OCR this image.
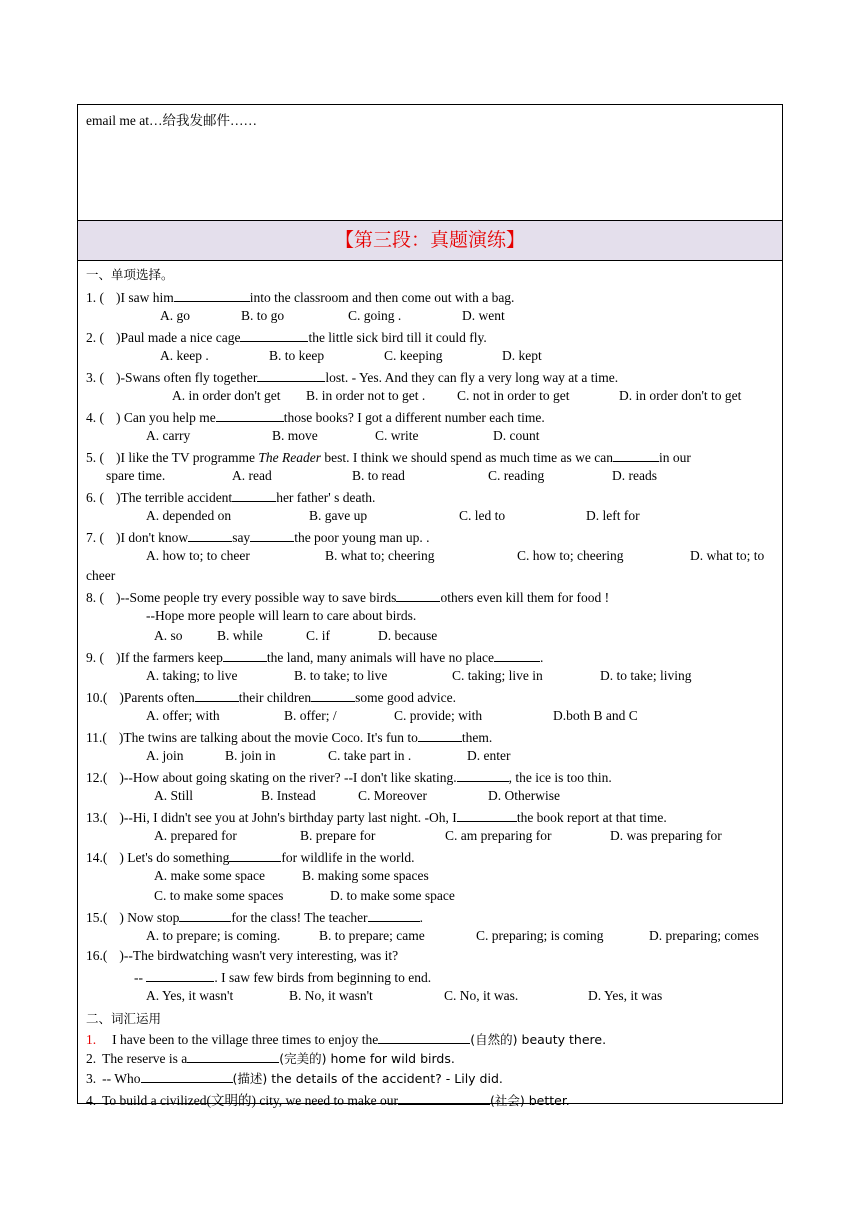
email me at…给我发邮件……
【第三段：真题演练】
一、单项选择。
1. ( )I saw him	into the classroom and then come out with a bag.
A. go	B. to go	C. going .	D. went
2. ( )Paul made a nice cage	the little sick bird till it could fly.
A. keep .	B. to keep	C. keeping	D. kept
3. ( )-Swans often fly together	lost. - Yes. And they can fly a very long way at a time.
A. in order don't get B. in order not to get . C. not in order to get	D. in order don't to get
4. ( ) Can you help me	those books? I got a different number each time.
A. carry	B. move	C. write	D. count
5. ( )I like the TV programme The Reader best. I think we should spend as much time as we can	in our
spare time.	A. read	B. to read	C. reading	D. reads
6. ( )The terrible accident	her father' s death.
A. depended on	B. gave up	C. led to	D. left for
7. ( )I don't know	say	the poor young man up. .
A. how to; to cheer	B. what to; cheering	C. how to; cheering	D. what to; to
cheer
8. ( )--Some people try every possible way to save birds	others even kill them for food !
--Hope more people will learn to care about birds.
A. so	B. while	C. if	D. because
9. ( )If the farmers keep	the land, many animals will have no place	.
A. taking; to live	B. to take; to live	C. taking; live in	D. to take; living
10.( )Parents often	their children	some good advice.
A. offer; with	B. offer; /	C. provide; with	D.both B and C
11.( )The twins are talking about the movie Coco. It's fun to	them.
A. join	B. join in	C. take part in .	D. enter
12.( )--How about going skating on the river? --I don't like skating.	, the ice is too thin.
A. Still	B. Instead	C. Moreover	D. Otherwise
13.( )--Hi, I didn't see you at John's birthday party last night. -Oh, I	the book report at that time.
A. prepared for	B. prepare for	C. am preparing for	D. was preparing for
14.( ) Let's do something	for wildlife in the world.
A. make some space	B. making some spaces
C. to make some spaces	D. to make some space
15.( ) Now stop	for the class! The teacher	.
A. to prepare; is coming.	B. to prepare; came	C. preparing; is coming	D. preparing; comes
16.( )--The birdwatching wasn't very interesting, was it?
--	. I saw few birds from beginning to end.
A. Yes, it wasn't	B. No, it wasn't	C. No, it was.	D. Yes, it was
二、词汇运用
1. I have been to the village three times to enjoy the	(自然的) beauty there.
2. The reserve is a	(完美的) home for wild birds.
3. -- Who	(描述) the details of the accident? - Lily did.
4. To build a civilized(文明的) city, we need to make our	(社会) better.
